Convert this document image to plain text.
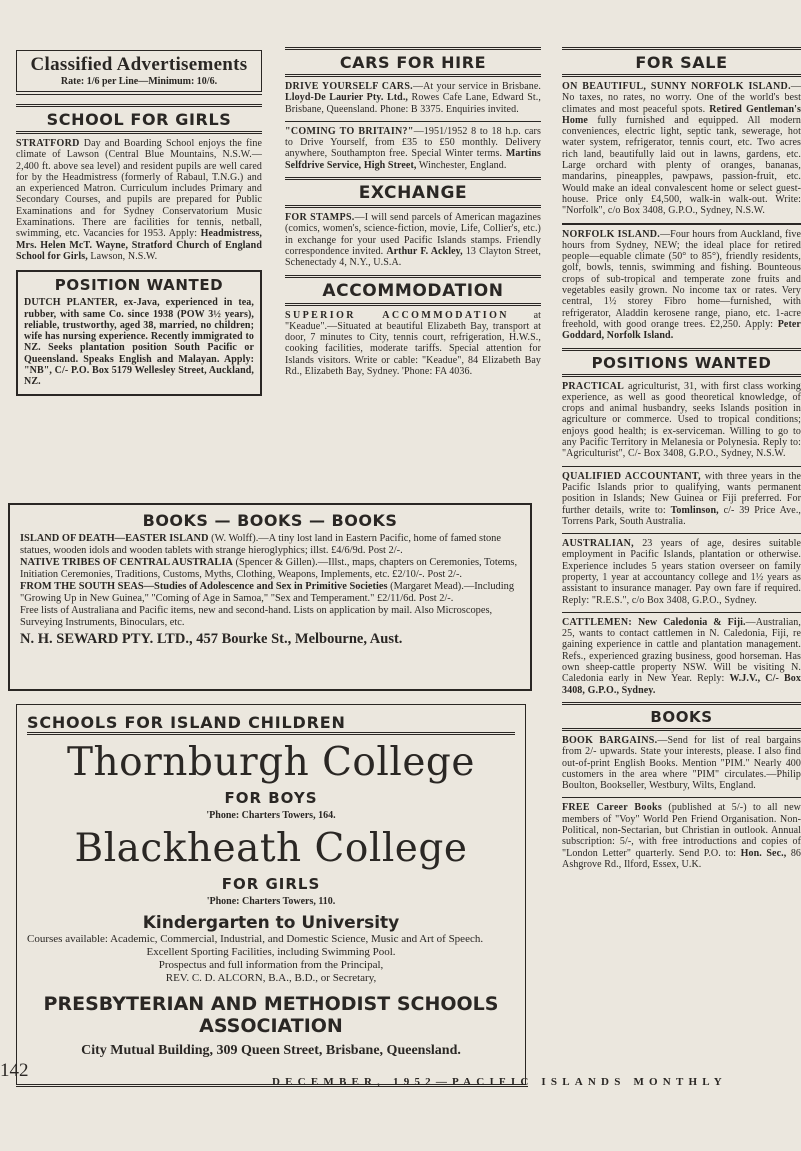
Classified Advertisements
Rate: 1/6 per Line—Minimum: 10/6.
SCHOOL FOR GIRLS

STRATFORD Day and Boarding School enjoys the fine climate of Lawson (Central Blue Mountains, N.S.W.—2,400 ft. above sea level) and resident pupils are well cared for by the Headmistress (formerly of Rabaul, T.N.G.) and an experienced Matron. Curriculum includes Primary and Secondary Courses, and pupils are prepared for Public Examinations and for Sydney Conservatorium Music Examinations. There are facilities for tennis, netball, swimming, etc. Vacancies for 1953. Apply: Headmistress, Mrs. Helen McT. Wayne, Stratford Church of England School for Girls, Lawson, N.S.W.

POSITION WANTED

DUTCH PLANTER, ex-Java, experienced in tea, rubber, with same Co. since 1938 (POW 3½ years), reliable, trustworthy, aged 38, married, no children; wife has nursing experience. Recently immigrated to NZ. Seeks plantation position South Pacific or Queensland. Speaks English and Malayan. Apply: "NB", C/- P.O. Box 5179 Wellesley Street, Auckland, NZ.

CARS FOR HIRE

DRIVE YOURSELF CARS.—At your service in Brisbane. Lloyd-De Laurier Pty. Ltd., Rowes Cafe Lane, Edward St., Brisbane, Queensland. Phone: B 3375. Enquiries invited.

"COMING TO BRITAIN?"—1951/1952 8 to 18 h.p. cars to Drive Yourself, from £35 to £50 monthly. Delivery anywhere, Southampton free. Special Winter terms. Martins Selfdrive Service, High Street, Winchester, England.

EXCHANGE

FOR STAMPS.—I will send parcels of American magazines (comics, women's, science-fiction, movie, Life, Collier's, etc.) in exchange for your used Pacific Islands stamps. Friendly correspondence invited. Arthur F. Ackley, 13 Clayton Street, Schenectady 4, N.Y., U.S.A.

ACCOMMODATION

SUPERIOR ACCOMMODATION at "Keadue".—Situated at beautiful Elizabeth Bay, transport at door, 7 minutes to City, tennis court, refrigeration, H.W.S., cooking facilities, moderate tariffs. Special attention for Islands visitors. Write or cable: "Keadue", 84 Elizabeth Bay Rd., Elizabeth Bay, Sydney. 'Phone: FA 4036.

FOR SALE

ON BEAUTIFUL, SUNNY NORFOLK ISLAND.—No taxes, no rates, no worry. One of the world's best climates and most peaceful spots. Retired Gentleman's Home fully furnished and equipped. All modern conveniences, electric light, septic tank, sewerage, hot water system, refrigerator, tennis court, etc. Two acres rich land, beautifully laid out in lawns, gardens, etc. Large orchard with plenty of oranges, bananas, mandarins, pineapples, pawpaws, passion-fruit, etc. Would make an ideal convalescent home or select guest-house. Price only £4,500, walk-in walk-out. Write: "Norfolk", c/o Box 3408, G.P.O., Sydney, N.S.W.

NORFOLK ISLAND.—Four hours from Auckland, five hours from Sydney, NEW; the ideal place for retired people—equable climate (50° to 85°), friendly residents, golf, bowls, tennis, swimming and fishing. Bounteous crops of sub-tropical and temperate zone fruits and vegetables easily grown. No income tax or rates. Very central, 1½ storey Fibro home—furnished, with refrigerator, Aladdin kerosene range, piano, etc. 1-acre freehold, with good orange trees. £2,250. Apply: Peter Goddard, Norfolk Island.

POSITIONS WANTED

PRACTICAL agriculturist, 31, with first class working experience, as well as good theoretical knowledge, of crops and animal husbandry, seeks Islands position in agriculture or commerce. Used to tropical conditions; enjoys good health; is ex-serviceman. Willing to go to any Pacific Territory in Melanesia or Polynesia. Reply to: "Agriculturist", C/- Box 3408, G.P.O., Sydney, N.S.W.

QUALIFIED ACCOUNTANT, with three years in the Pacific Islands prior to qualifying, wants permanent position in Islands; New Guinea or Fiji preferred. For further details, write to: Tomlinson, c/- 39 Price Ave., Torrens Park, South Australia.

AUSTRALIAN, 23 years of age, desires suitable employment in Pacific Islands, plantation or otherwise. Experience includes 5 years station overseer on family property, 1 year at accountancy college and 1½ years as assistant to insurance manager. Pay own fare if required. Reply: "R.E.S.", c/o Box 3408, G.P.O., Sydney.

CATTLEMEN: New Caledonia & Fiji.—Australian, 25, wants to contact cattlemen in N. Caledonia, Fiji, re gaining experience in cattle and plantation management. Refs., experienced grazing business, good horseman. Has own sheep-cattle property NSW. Will be visiting N. Caledonia early in New Year. Reply: W.J.V., C/- Box 3408, G.P.O., Sydney.

BOOKS

BOOK BARGAINS.—Send for list of real bargains from 2/- upwards. State your interests, please. I also find out-of-print English Books. Mention "PIM." Nearly 400 customers in the area where "PIM" circulates.—Philip Boulton, Bookseller, Westbury, Wilts, England.

FREE Career Books (published at 5/-) to all new members of "Voy" World Pen Friend Organisation. Non-Political, non-Sectarian, but Christian in outlook. Annual subscription: 5/-, with free introductions and copies of "London Letter" quarterly. Send P.O. to: Hon. Sec., 86 Ashgrove Rd., Ilford, Essex, U.K.

BOOKS — BOOKS — BOOKS

ISLAND OF DEATH—EASTER ISLAND (W. Wolff).—A tiny lost land in Eastern Pacific, home of famed stone statues, wooden idols and wooden tablets with strange hieroglyphics; illst. £4/6/9d. Post 2/-.

NATIVE TRIBES OF CENTRAL AUSTRALIA (Spencer & Gillen).—Illst., maps, chapters on Ceremonies, Totems, Initiation Ceremonies, Traditions, Customs, Myths, Clothing, Weapons, Implements, etc. £2/10/-. Post 2/-.

FROM THE SOUTH SEAS—Studies of Adolescence and Sex in Primitive Societies (Margaret Mead).—Including "Growing Up in New Guinea," "Coming of Age in Samoa," "Sex and Temperament." £2/11/6d. Post 2/-.

Free lists of Australiana and Pacific items, new and second-hand. Lists on application by mail. Also Microscopes, Surveying Instruments, Binoculars, etc.

N. H. SEWARD PTY. LTD., 457 Bourke St., Melbourne, Aust.
SCHOOLS FOR ISLAND CHILDREN
Thornburgh College
FOR BOYS
'Phone: Charters Towers, 164.
Blackheath College
FOR GIRLS
'Phone: Charters Towers, 110.
Kindergarten to University
Courses available: Academic, Commercial, Industrial, and Domestic Science, Music and Art of Speech.
Excellent Sporting Facilities, including Swimming Pool.
Prospectus and full information from the Principal,
REV. C. D. ALCORN, B.A., B.D., or Secretary,
PRESBYTERIAN AND METHODIST SCHOOLS ASSOCIATION
City Mutual Building, 309 Queen Street, Brisbane, Queensland.
142
DECEMBER, 1952—PACIFIC ISLANDS MONTHLY
